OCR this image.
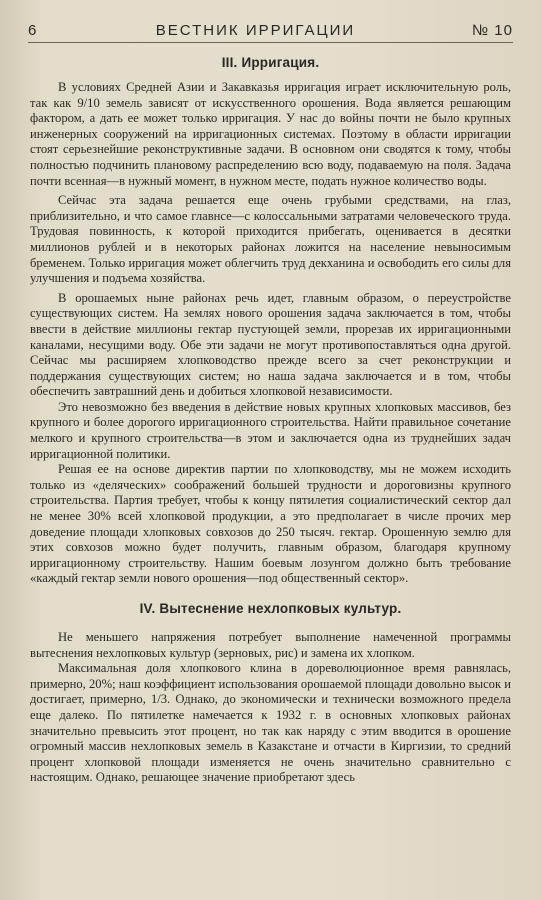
6	ВЕСТНИК ИРРИГАЦИИ	№ 10
III. Ирригация.

В условиях Средней Азии и Закавказья ирригация играет исключительную роль, так как 9/10 земель зависят от искусственного орошения. Вода является решающим фактором, а дать ее может только ирригация. У нас до войны почти не было крупных инженерных сооружений на ирригационных системах. Поэтому в области ирригации стоят серьезнейшие реконструктивные задачи. В основном они сводятся к тому, чтобы полностью подчинить плановому распределению всю воду, подаваемую на поля. Задача почти всенная—в нужный момент, в нужном месте, подать нужное количество воды.

Сейчас эта задача решается еще очень грубыми средствами, на глаз, приблизительно, и что самое главнсе—с колоссальными затратами человеческого труда. Трудовая повинность, к которой приходится прибегать, оценивается в десятки миллионов рублей и в некоторых районах ложится на население невыносимым бременем. Только ирригация может облегчить труд декханина и освободить его силы для улучшения и подъема хозяйства.

В орошаемых ныне районах речь идет, главным образом, о переустройстве существующих систем. На землях нового орошения задача заключается в том, чтобы ввести в действие миллионы гектар пустующей земли, прорезав их ирригационными каналами, несущими воду. Обе эти задачи не могут противопоставляться одна другой. Сейчас мы расширяем хлопководство прежде всего за счет реконструкции и поддержания существующих систем; но наша задача заключается и в том, чтобы обеспечить завтрашний день и добиться хлопковой независимости.

Это невозможно без введения в действие новых крупных хлопковых массивов, без крупного и более дорогого ирригационного строительства. Найти правильное сочетание мелкого и крупного строительства—в этом и заключается одна из труднейших задач ирригационной политики.

Решая ее на основе директив партии по хлопководству, мы не можем исходить только из «деляческих» соображений большей трудности и дороговизны крупного строительства. Партия требует, чтобы к концу пятилетия социалистический сектор дал не менее 30% всей хлопковой продукции, а это предполагает в числе прочих мер доведение площади хлопковых совхозов до 250 тысяч. гектар. Орошенную землю для этих совхозов можно будет получить, главным образом, благодаря крупному ирригационному строительству. Нашим боевым лозунгом должно быть требование «каждый гектар земли нового орошения—под общественный сектор».

IV. Вытеснение нехлопковых культур.

Не меньшего напряжения потребует выполнение намеченной программы вытеснения нехлопковых культур (зерновых, рис) и замена их хлопком.

Максимальная доля хлопкового клина в дореволюционное время равнялась, примерно, 20%; наш коэффициент использования орошаемой площади довольно высок и достигает, примерно, 1/3. Однако, до экономически и технически возможного предела еще далеко. По пятилетке намечается к 1932 г. в основных хлопковых районах значительно превысить этот процент, но так как наряду с этим вводится в орошение огромный массив нехлопковых земель в Казакстане и отчасти в Киргизии, то средний процент хлопковой площади изменяется не очень значительно сравнительно с настоящим. Однако, решающее значение приобретают здесь
